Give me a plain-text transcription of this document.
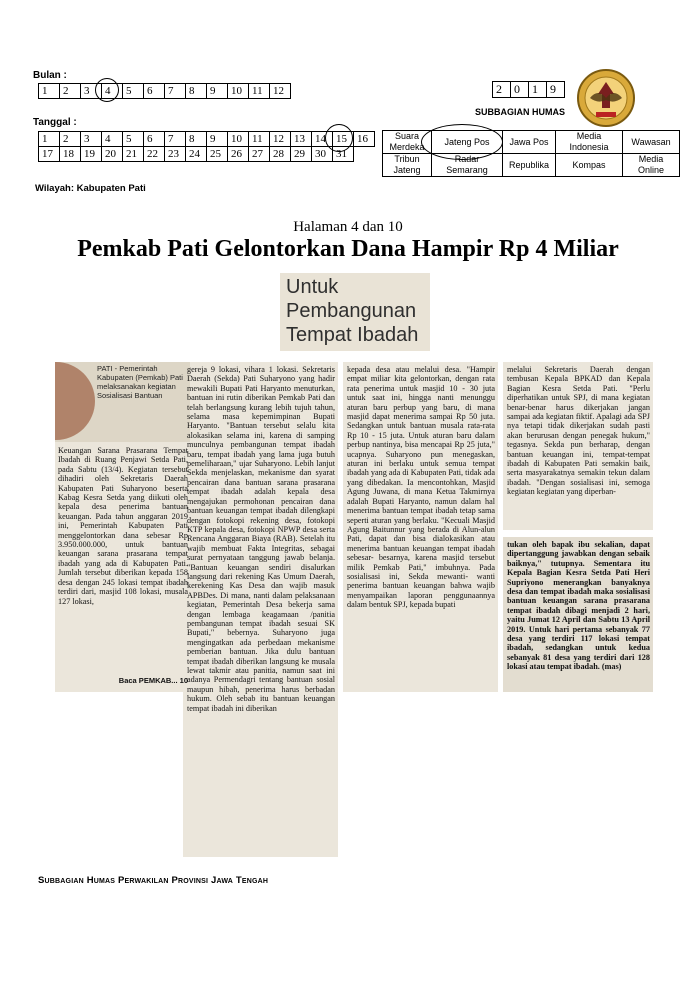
Bulan :
1	2	3	4	5	6	7	8	9	10	11	12
Tanggal :
1	2	3	4	5	6	7	8	9	10	11	12	13	14	15	16
17	18	19	20	21	22	23	24	25	26	27	28	29	30	31	
Wilayah: Kabupaten Pati
2	0	1	9
SUBBAGIAN HUMAS
Suara Merdeka	Jateng Pos	Jawa Pos	Media Indonesia	Wawasan
Tribun Jateng	Radar Semarang	Republika	Kompas	Media Online
Halaman 4 dan 10
Pemkab Pati Gelontorkan Dana Hampir Rp 4 Miliar
Untuk Pembangunan Tempat Ibadah
PATI - Pemerintah Kabupaten (Pemkab) Pati melaksanakan kegiatan Sosialisasi Bantuan
Keuangan Sarana Prasarana Tempat Ibadah di Ruang Penjawi Setda Pati, pada Sabtu (13/4). Kegiatan tersebut dihadiri oleh Sekretaris Daerah Kabupaten Pati Suharyono beserta Kabag Kesra Setda yang diikuti oleh kepala desa penerima bantuan keuangan. Pada tahun anggaran 2019 ini, Pemerintah Kabupaten Pati menggelontorkan dana sebesar Rp 3.950.000.000, untuk bantuan keuangan sarana prasarana tempat ibadah yang ada di Kabupaten Pati. Jumlah tersebut diberikan kepada 158 desa dengan 245 lokasi tempat ibadah terdiri dari, masjid 108 lokasi, musala 127 lokasi,
Baca PEMKAB... 10
gereja 9 lokasi, vihara 1 lokasi. Sekretaris Daerah (Sekda) Pati Suharyono yang hadir mewakili Bupati Pati Haryanto menuturkan, bantuan ini rutin diberikan Pemkab Pati dan telah berlangsung kurang lebih tujuh tahun, selama masa kepemimpinan Bupati Haryanto. "Bantuan tersebut selalu kita alokasikan selama ini, karena di samping munculnya pembangunan tempat ibadah baru, tempat ibadah yang lama juga butuh pemeliharaan," ujar Suharyono. Lebih lanjut Sekda menjelaskan, mekanisme dan syarat pencairan dana bantuan sarana prasarana tempat ibadah adalah kepala desa mengajukan permohonan pencairan dana bantuan keuangan tempat ibadah dilengkapi dengan fotokopi rekening desa, fotokopi KTP kepala desa, fotokopi NPWP desa serta Rencana Anggaran Biaya (RAB). Setelah itu wajib membuat Fakta Integritas, sebagai surat pernyataan tanggung jawab belanja. "Bantuan keuangan sendiri disalurkan langsung dari rekening Kas Umum Daerah, kerekening Kas Desa dan wajib masuk APBDes. Di mana, nanti dalam pelaksanaan kegiatan, Pemerintah Desa bekerja sama dengan lembaga keagamaan /panitia pembangunan tempat ibadah sesuai SK Bupati," bebernya. Suharyono juga mengingatkan ada perbedaan mekanisme pemberian bantuan. Jika dulu bantuan tempat ibadah diberikan langsung ke musala lewat takmir atau panitia, namun saat ini adanya Permendagri tentang bantuan sosial maupun hibah, penerima harus berbadan hukum. Oleh sebab itu bantuan keuangan tempat ibadah ini diberikan
kepada desa atau melalui desa. "Hampir empat miliar kita gelontorkan, dengan rata rata penerima untuk masjid 10 - 30 juta untuk saat ini, hingga nanti menunggu aturan baru perbup yang baru, di mana masjid dapat menerima sampai Rp 50 juta. Sedangkan untuk bantuan musala rata-rata Rp 10 - 15 juta. Untuk aturan baru dalam perbup nantinya, bisa mencapai Rp 25 juta," ucapnya. Suharyono pun menegaskan, aturan ini berlaku untuk semua tempat ibadah yang ada di Kabupaten Pati, tidak ada yang dibedakan. Ia mencontohkan, Masjid Agung Juwana, di mana Ketua Takmirnya adalah Bupati Haryanto, namun dalam hal menerima bantuan tempat ibadah tetap sama seperti aturan yang berlaku. "Kecuali Masjid Agung Baitunnur yang berada di Alun-alun Pati, dapat dan bisa dialokasikan atau menerima bantuan keuangan tempat ibadah sebesar- besarnya, karena masjid tersebut milik Pemkab Pati," imbuhnya. Pada sosialisasi ini, Sekda mewanti- wanti penerima bantuan keuangan bahwa wajib menyampaikan laporan penggunaannya dalam bentuk SPJ, kepada bupati
melalui Sekretaris Daerah dengan tembusan Kepala BPKAD dan Kepala Bagian Kesra Setda Pati. "Perlu diperhatikan untuk SPJ, di mana kegiatan benar-benar harus dikerjakan jangan sampai ada kegiatan fiktif. Apalagi ada SPJ nya tetapi tidak dikerjakan sudah pasti akan berurusan dengan penegak hukum," tegasnya. Sekda pun berharap, dengan bantuan keuangan ini, tempat-tempat ibadah di Kabupaten Pati semakin baik, serta masyarakatnya semakin tekun dalam ibadah. "Dengan sosialisasi ini, semoga kegiatan kegiatan yang diperban-
tukan oleh bapak ibu sekalian, dapat dipertanggung jawabkan dengan sebaik baiknya," tutupnya. Sementara itu Kepala Bagian Kesra Setda Pati Heri Supriyono menerangkan banyaknya desa dan tempat ibadah maka sosialisasi bantuan keuangan sarana prasarana tempat ibadah dibagi menjadi 2 hari, yaitu Jumat 12 April dan Sabtu 13 April 2019. Untuk hari pertama sebanyak 77 desa yang terdiri 117 lokasi tempat ibadah, sedangkan untuk kedua sebanyak 81 desa yang terdiri dari 128 lokasi atau tempat ibadah. (mas)
Subbagian Humas Perwakilan Provinsi Jawa Tengah
